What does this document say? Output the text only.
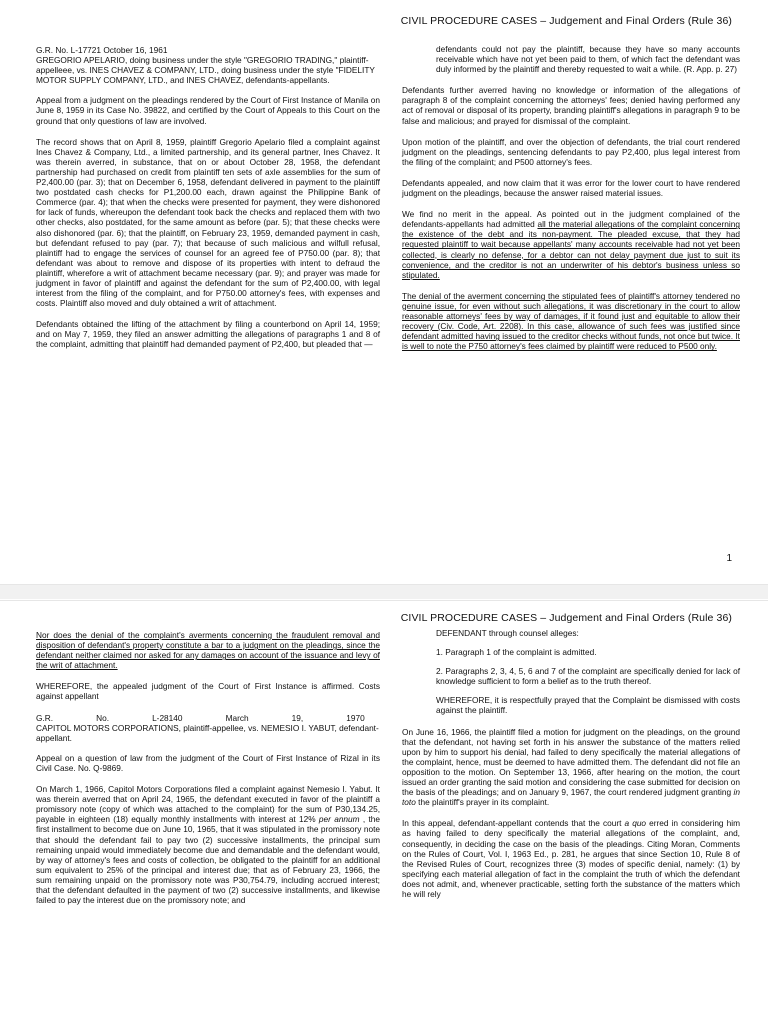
CIVIL PROCEDURE CASES – Judgement and Final Orders (Rule 36)

G.R. No. L-17721 October 16, 1961
GREGORIO APELARIO, doing business under the style "GREGORIO TRADING," plaintiff-appelleee, vs. INES CHAVEZ & COMPANY, LTD., doing business under the style "FIDELITY MOTOR SUPPLY COMPANY, LTD., and INES CHAVEZ, defendants-appellants.

Appeal from a judgment on the pleadings rendered by the Court of First Instance of Manila on June 8, 1959 in its Case No. 39822, and certified by the Court of Appeals to this Court on the ground that only questions of law are involved.

The record shows that on April 8, 1959, plaintiff Gregorio Apelario filed a complaint against Ines Chavez & Company, Ltd., a limited partnership, and its general partner, Ines Chavez. It was therein averred, in substance, that on or about October 28, 1958, the defendant partnership had purchased on credit from plaintiff ten sets of axle assemblies for the sum of P2,400.00 (par. 3); that on December 6, 1958, defendant delivered in payment to the plaintiff two postdated cash checks for P1,200.00 each, drawn against the Philippine Bank of Commerce (par. 4); that when the checks were presented for payment, they were dishonored for lack of funds, whereupon the defendant took back the checks and replaced them with two other checks, also postdated, for the same amount as before (par. 5); that these checks were also dishonored (par. 6); that the plaintiff, on February 23, 1959, demanded payment in cash, but defendant refused to pay (par. 7); that because of such malicious and wilfull refusal, plaintiff had to engage the services of counsel for an agreed fee of P750.00 (par. 8); that defendant was about to remove and dispose of its properties with intent to defraud the plaintiff, wherefore a writ of attachment became necessary (par. 9); and prayer was made for judgment in favor of plaintiff and against the defendant for the sum of P2,400.00, with legal interest from the filing of the complaint, and for P750.00 attorney's fees, with expenses and costs. Plaintiff also moved and duly obtained a writ of attachment.

Defendants obtained the lifting of the attachment by filing a counterbond on April 14, 1959; and on May 7, 1959, they filed an answer admitting the allegations of paragraphs 1 and 8 of the complaint, admitting that plaintiff had demanded payment of P2,400, but pleaded that —

defendants could not pay the plaintiff, because they have so many accounts receivable which have not yet been paid to them, of which fact the defendant was duly informed by the plaintiff and thereby requested to wait a while. (R. App. p. 27)

Defendants further averred having no knowledge or information of the allegations of paragraph 8 of the complaint concerning the attorneys' fees; denied having performed any act of removal or disposal of its property, branding plaintiff's allegations in paragraph 9 to be false and malicious; and prayed for dismissal of the complaint.

Upon motion of the plaintiff, and over the objection of defendants, the trial court rendered judgment on the pleadings, sentencing defendants to pay P2,400, plus legal interest from the filing of the complaint; and P500 attorney's fees.

Defendants appealed, and now claim that it was error for the lower court to have rendered judgment on the pleadings, because the answer raised material issues.

We find no merit in the appeal. As pointed out in the judgment complained of the defendants-appellants had admitted all the material allegations of the complaint concerning the existence of the debt and its non-payment. The pleaded excuse, that they had requested plaintiff to wait because appellants' many accounts receivable had not yet been collected, is clearly no defense, for a debtor can not delay payment due just to suit its convenience, and the creditor is not an underwriter of his debtor's business unless so stipulated.

The denial of the averment concerning the stipulated fees of plaintiff's attorney tendered no genuine issue, for even without such allegations, it was discretionary in the court to allow reasonable attorneys' fees by way of damages, if it found just and equitable to allow their recovery (Civ. Code, Art. 2208). In this case, allowance of such fees was justified since defendant admitted having issued to the creditor checks without funds, not once but twice. It is well to note the P750 attorney's fees claimed by plaintiff were reduced to P500 only.

1
CIVIL PROCEDURE CASES – Judgement and Final Orders (Rule 36)

Nor does the denial of the complaint's averments concerning the fraudulent removal and disposition of defendant's property constitute a bar to a judgment on the pleadings, since the defendant neither claimed nor asked for any damages on account of the issuance and levy of the writ of attachment.

WHEREFORE, the appealed judgment of the Court of First Instance is affirmed. Costs against appellant

G.R.          No.          L-28140          March          19,          1970
CAPITOL MOTORS CORPORATIONS, plaintiff-appellee, vs. NEMESIO I. YABUT, defendant-appellant.

Appeal on a question of law from the judgment of the Court of First Instance of Rizal in its Civil Case. No. Q-9869.

On March 1, 1966, Capitol Motors Corporations filed a complaint against Nemesio I. Yabut. It was therein averred that on April 24, 1965, the defendant executed in favor of the plaintiff a promissory note (copy of which was attached to the complaint) for the sum of P30,134.25, payable in eighteen (18) equally monthly installments with interest at 12% per annum , the first installment to become due on June 10, 1965, that it was stipulated in the promissory note that should the defendant fail to pay two (2) successive installments, the principal sum remaining unpaid would immediately become due and demandable and the defendant would, by way of attorney's fees and costs of collection, be obligated to the plaintiff for an additional sum equivalent to 25% of the principal and interest due; that as of February 23, 1966, the sum remaining unpaid on the promissory note was P30,754.79, including accrued interest; that the defendant defaulted in the payment of two (2) successive installments, and likewise failed to pay the interest due on the promissory note; and

DEFENDANT through counsel alleges:

1. Paragraph 1 of the complaint is admitted.

2. Paragraphs 2, 3, 4, 5, 6 and 7 of the complaint are specifically denied for lack of knowledge sufficient to form a belief as to the truth thereof.

WHEREFORE, it is respectfully prayed that the Complaint be dismissed with costs against the plaintiff.

On June 16, 1966, the plaintiff filed a motion for judgment on the pleadings, on the ground that the defendant, not having set forth in his answer the substance of the matters relied upon by him to support his denial, had failed to deny specifically the material allegations of the complaint, hence, must be deemed to have admitted them. The defendant did not file an opposition to the motion. On September 13, 1966, after hearing on the motion, the court issued an order granting the said motion and considering the case submitted for decision on the basis of the pleadings; and on January 9, 1967, the court rendered judgment granting in toto the plaintiff's prayer in its complaint.

In this appeal, defendant-appellant contends that the court a quo erred in considering him as having failed to deny specifically the material allegations of the complaint, and, consequently, in deciding the case on the basis of the pleadings. Citing Moran, Comments on the Rules of Court, Vol. I, 1963 Ed., p. 281, he argues that since Section 10, Rule 8 of the Revised Rules of Court, recognizes three (3) modes of specific denial, namely: (1) by specifying each material allegation of fact in the complaint the truth of which the defendant does not admit, and, whenever practicable, setting forth the substance of the matters which he will rely
